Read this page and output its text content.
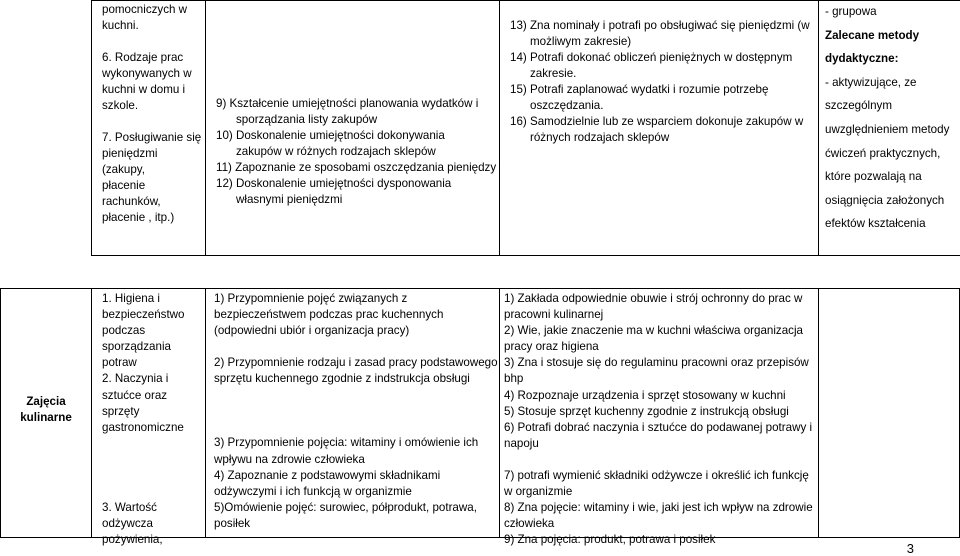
pomocniczych w

kuchni.

6. Rodzaje prac

wykonywanych w

kuchni w domu i

szkole.

7. Posługiwanie się

pieniędzmi (zakupy,

płacenie

rachunków,

płacenie , itp.)

9) Kształcenie umiejętności planowania wydatków i

sporządzania listy zakupów

10) Doskonalenie umiejętności dokonywania

zakupów w różnych rodzajach sklepów

11) Zapoznanie ze sposobami oszczędzania pieniędzy

12) Doskonalenie umiejętności dysponowania

własnymi pieniędzmi

13) Zna nominały i potrafi po obsługiwać się pieniędzmi (w

możliwym zakresie)

14) Potrafi dokonać obliczeń pieniężnych w dostępnym

zakresie.

15) Potrafi zaplanować wydatki i rozumie potrzebę

oszczędzania.

16) Samodzielnie lub ze wsparciem dokonuje zakupów w

różnych rodzajach sklepów

- grupowa

Zalecane metody

dydaktyczne:

- aktywizujące, ze

szczególnym

uwzględnieniem metody

ćwiczeń praktycznych,

które pozwalają na

osiągnięcia założonych

efektów kształcenia

Zajęcia

kulinarne

1. Higiena i

bezpieczeństwo

podczas

sporządzania

potraw

2. Naczynia i

sztućce oraz sprzęty

gastronomiczne

3. Wartość

odżywcza

pożywienia,

1) Przypomnienie pojęć związanych z

bezpieczeństwem podczas prac kuchennych

(odpowiedni ubiór i organizacja pracy)

2) Przypomnienie rodzaju i zasad pracy podstawowego

sprzętu kuchennego zgodnie z indstrukcja obsługi

3) Przypomnienie pojęcia: witaminy i omówienie ich

wpływu na zdrowie człowieka

4) Zapoznanie z podstawowymi składnikami

odżywczymi i ich funkcją w organizmie

5)Omówienie pojęć: surowiec, półprodukt, potrawa,

posiłek

1) Zakłada odpowiednie obuwie i strój ochronny do prac w

pracowni kulinarnej

2) Wie, jakie znaczenie ma w kuchni właściwa organizacja

pracy oraz higiena

3) Zna i stosuje się do regulaminu pracowni oraz przepisów

bhp

4) Rozpoznaje urządzenia i sprzęt stosowany w kuchni

5) Stosuje sprzęt kuchenny zgodnie z instrukcją obsługi

6) Potrafi dobrać naczynia i sztućce do podawanej potrawy i

napoju

7) potrafi wymienić składniki odżywcze i określić ich funkcję

w organizmie

8) Zna pojęcie: witaminy i wie, jaki jest ich wpływ na zdrowie

człowieka

9) Zna pojęcia: produkt, potrawa i posiłek

3
